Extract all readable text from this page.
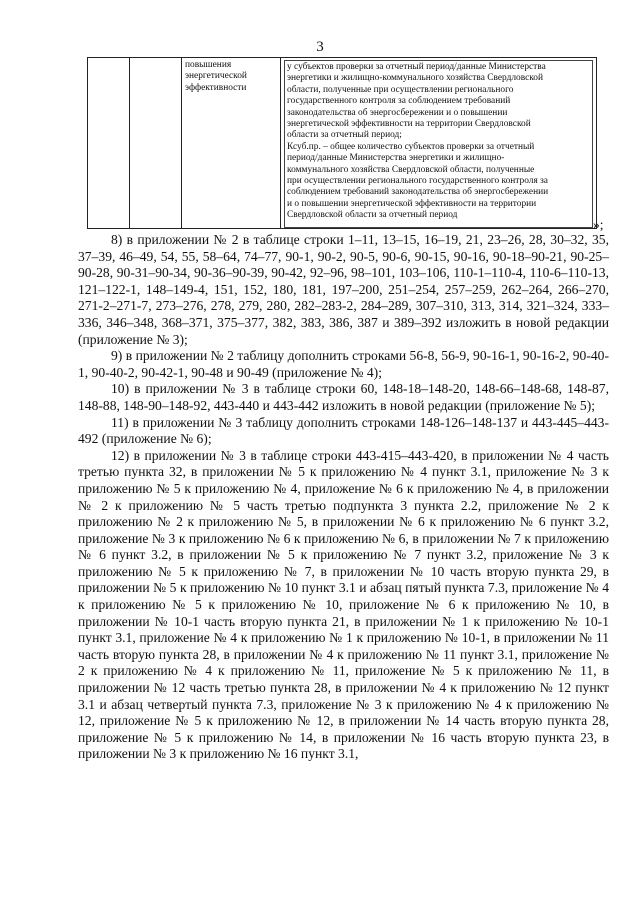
3

повышения
энергетической
эффективности

у субъектов проверки за отчетный период/данные Министерства
энергетики и жилищно-коммунального хозяйства Свердловской
области, полученные при осуществлении регионального
государственного контроля за соблюдением требований
законодательства об энергосбережении и о повышении
энергетической эффективности на территории Свердловской
области за отчетный период;
Ксуб.пр. – общее количество субъектов проверки за отчетный
период/данные Министерства энергетики и жилищно-
коммунального хозяйства Свердловской области, полученные
при осуществлении регионального государственного контроля за
соблюдением требований законодательства об энергосбережении
и о повышении энергетической эффективности на территории
Свердловской области за отчетный период
»;

8) в приложении № 2 в таблице строки 1–11, 13–15, 16–19, 21, 23–26, 28, 30–32, 35, 37–39, 46–49, 54, 55, 58–64, 74–77, 90-1, 90-2, 90-5, 90-6, 90-15, 90-16, 90-18–90-21, 90-25–90-28, 90-31–90-34, 90-36–90-39, 90-42, 92–96, 98–101, 103–106, 110-1–110-4, 110-6–110-13, 121–122-1, 148–149-4, 151, 152, 180, 181, 197–200, 251–254, 257–259, 262–264, 266–270, 271-2–271-7, 273–276, 278, 279, 280, 282–283-2, 284–289, 307–310, 313, 314, 321–324, 333–336, 346–348, 368–371, 375–377, 382, 383, 386, 387 и 389–392 изложить в новой редакции (приложение № 3);

9) в приложении № 2 таблицу дополнить строками 56-8, 56-9, 90-16-1, 90-16-2, 90-40-1, 90-40-2, 90-42-1, 90-48 и 90-49 (приложение № 4);

10) в приложении № 3 в таблице строки 60, 148-18–148-20, 148-66–148-68, 148-87, 148-88, 148-90–148-92, 443-440 и 443-442 изложить в новой редакции (приложение № 5);

11) в приложении № 3 таблицу дополнить строками 148-126–148-137 и 443-445–443-492 (приложение № 6);

12) в приложении № 3 в таблице строки 443-415–443-420, в приложении № 4 часть третью пункта 32, в приложении № 5 к приложению № 4 пункт 3.1, приложение № 3 к приложению № 5 к приложению № 4, приложение № 6 к приложению № 4, в приложении № 2 к приложению № 5 часть третью подпункта 3 пункта 2.2, приложение № 2 к приложению № 2 к приложению № 5, в приложении № 6 к приложению № 6 пункт 3.2, приложение № 3 к приложению № 6 к приложению № 6, в приложении № 7 к приложению № 6 пункт 3.2, в приложении № 5 к приложению № 7 пункт 3.2, приложение № 3 к приложению № 5 к приложению № 7, в приложении № 10 часть вторую пункта 29, в приложении № 5 к приложению № 10 пункт 3.1 и абзац пятый пункта 7.3, приложение № 4 к приложению № 5 к приложению № 10, приложение № 6 к приложению № 10, в приложении № 10-1 часть вторую пункта 21, в приложении № 1 к приложению № 10-1 пункт 3.1, приложение № 4 к приложению № 1 к приложению № 10-1, в приложении № 11 часть вторую пункта 28, в приложении № 4 к приложению № 11 пункт 3.1, приложение № 2 к приложению № 4 к приложению № 11, приложение № 5 к приложению № 11, в приложении № 12 часть третью пункта 28, в приложении № 4 к приложению № 12 пункт 3.1 и абзац четвертый пункта 7.3, приложение № 3 к приложению № 4 к приложению № 12, приложение № 5 к приложению № 12, в приложении № 14 часть вторую пункта 28, приложение № 5 к приложению № 14, в приложении № 16 часть вторую пункта 23, в приложении № 3 к приложению № 16 пункт 3.1,
